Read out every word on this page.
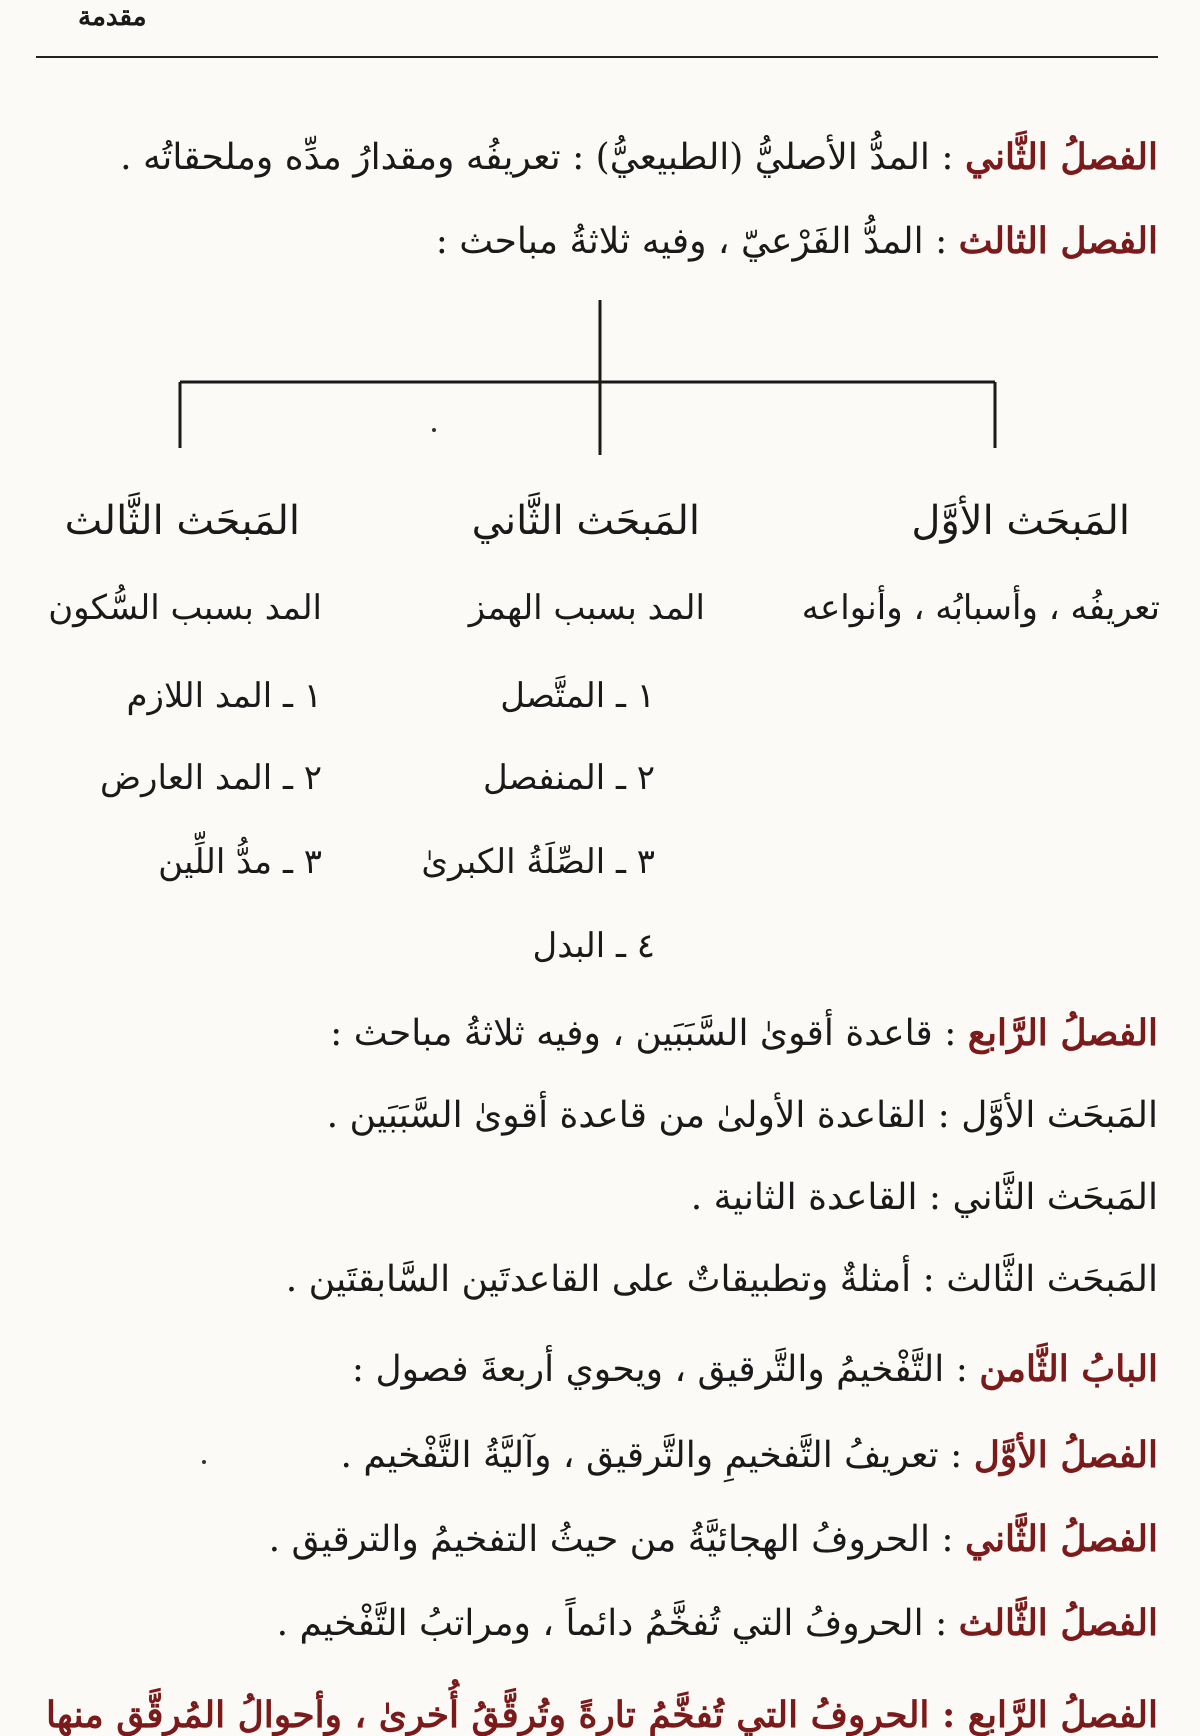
مقدمة
الفصلُ الثَّاني : المدُّ الأصليُّ (الطبيعيُّ) : تعريفُه ومقدارُ مدِّه وملحقاتُه .
الفصل الثالث : المدُّ الفَرْعيّ ، وفيه ثلاثةُ مباحث :
المَبحَث الأوَّل
المَبحَث الثَّاني
المَبحَث الثَّالث
تعريفُه ، وأسبابُه ، وأنواعه
المد بسبب الهمز
المد بسبب السُّكون
١ ـ المتَّصل
٢ ـ المنفصل
٣ ـ الصِّلَةُ الكبرىٰ
٤ ـ البدل
١ ـ المد اللازم
٢ ـ المد العارض
٣ ـ مدُّ اللِّين
الفصلُ الرَّابع : قاعدة أقوىٰ السَّبَبَين ، وفيه ثلاثةُ مباحث :
المَبحَث الأوَّل : القاعدة الأولىٰ من قاعدة أقوىٰ السَّبَبَين .
المَبحَث الثَّاني : القاعدة الثانية .
المَبحَث الثَّالث : أمثلةٌ وتطبيقاتٌ على القاعدتَين السَّابقتَين .
البابُ الثَّامن : التَّفْخيمُ والتَّرقيق ، ويحوي أربعةَ فصول :
الفصلُ الأوَّل : تعريفُ التَّفخيمِ والتَّرقيق ، وآليَّةُ التَّفْخيم .
الفصلُ الثَّاني : الحروفُ الهجائيَّةُ من حيثُ التفخيمُ والترقيق .
الفصلُ الثَّالث : الحروفُ التي تُفخَّمُ دائماً ، ومراتبُ التَّفْخيم .
الفصلُ الرَّابع : الحروفُ التي تُفخَّمُ تارةً وتُرقَّقُ أُخرىٰ ، وأحوالُ المُرقَّقِ منها
